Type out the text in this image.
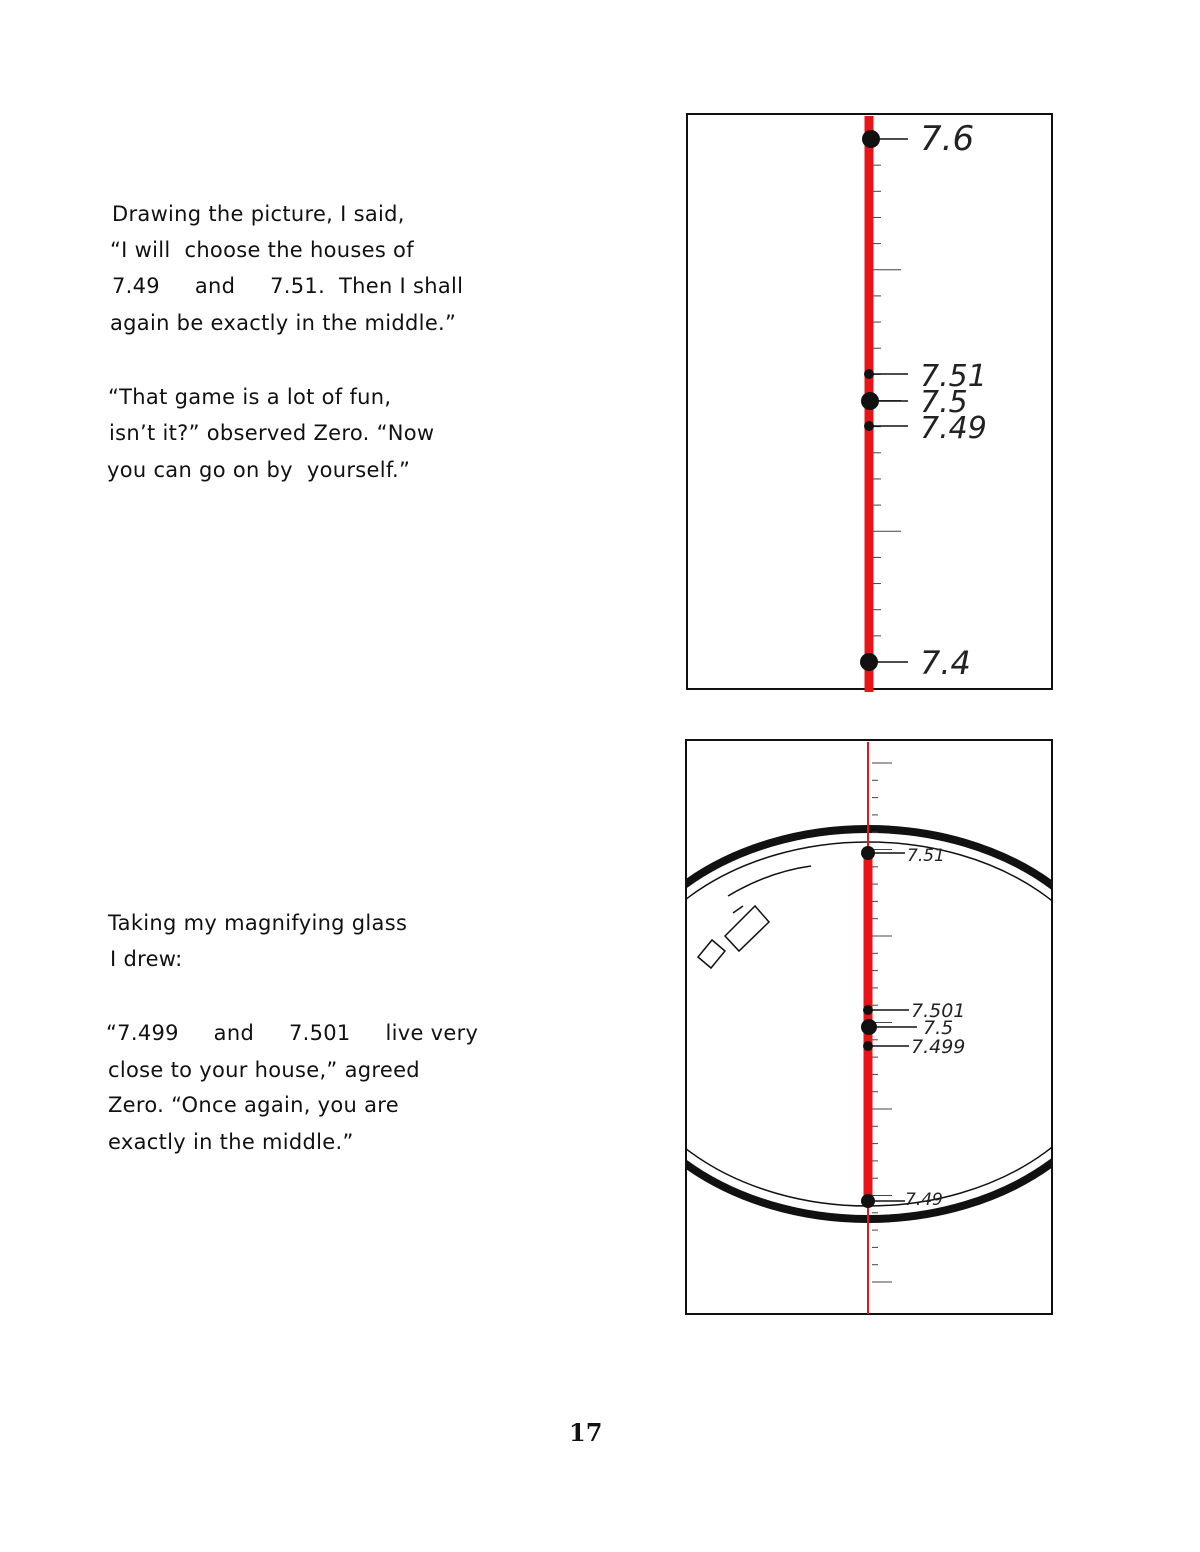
Drawing the picture, I said,
“I will  choose the houses of
7.49     and     7.51.  Then I shall
again be exactly in the middle.”
“That game is a lot of fun,
isn’t it?” observed Zero. “Now
you can go on by  yourself.”
Taking my magnifying glass
I drew:
“7.499     and     7.501     live very
close to your house,” agreed
Zero. “Once again, you are
exactly in the middle.”
7.6
7.51
7.5
7.49
7.4
7.51
7.501
7.5
7.499
7.49
17
